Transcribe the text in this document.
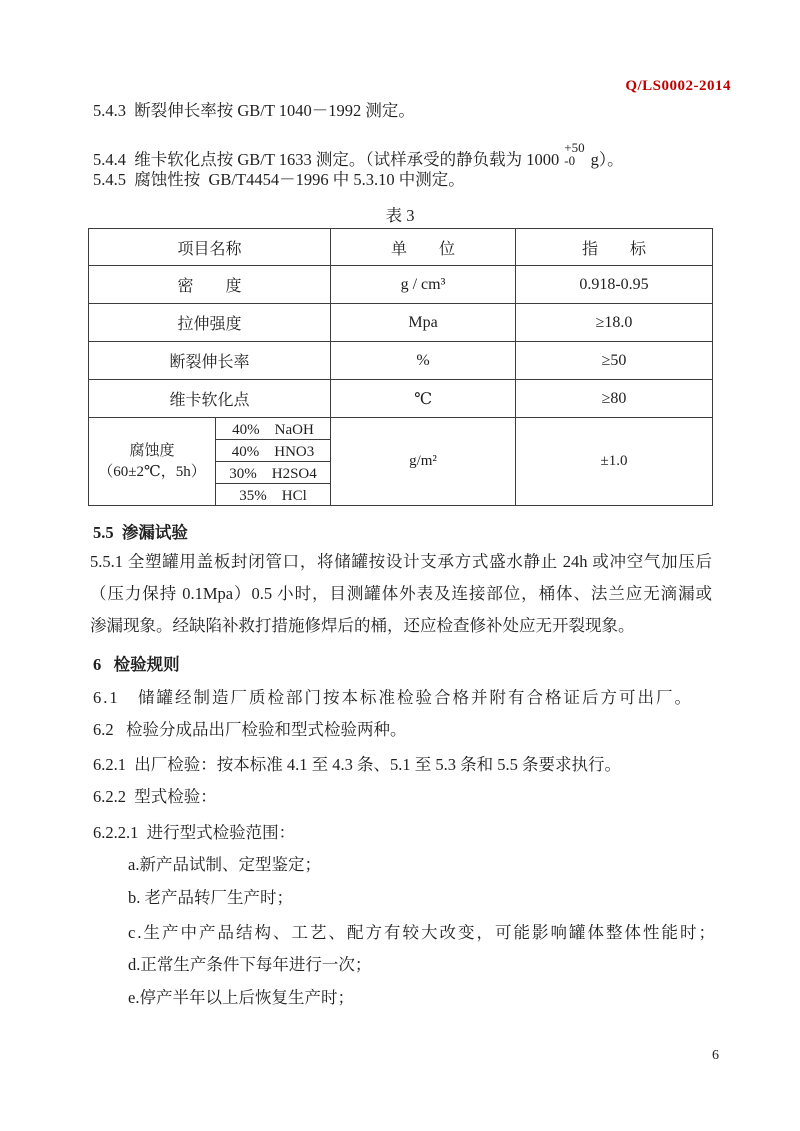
Q/LS0002-2014
5.4.3  断裂伸长率按 GB/T 1040－1992 测定。
5.4.4  维卡软化点按 GB/T 1633 测定。（试样承受的静负载为 1000
+50
-0 g）。
5.4.5  腐蚀性按  GB/T4454－1996 中 5.3.10 中测定。
表 3
项目名称		单　　位	指　　标
密　　度		g / cm³	0.918-0.95
拉伸强度		Mpa	≥18.0
断裂伸长率		%	≥50
维卡软化点		℃	≥80
腐蚀度
（60±2℃，5h）	40%　NaOH	g/m²	±1.0
	40%　HNO3		
	30%　H2SO4		
	35%　HCl		
5.5  渗漏试验
5.5.1 全塑罐用盖板封闭管口，将储罐按设计支承方式盛水静止 24h 或冲空气加压后
（压力保持 0.1Mpa）0.5 小时，目测罐体外表及连接部位，桶体、法兰应无滴漏或
渗漏现象。经缺陷补救打措施修焊后的桶，还应检查修补处应无开裂现象。
6   检验规则
6.1   储罐经制造厂质检部门按本标准检验合格并附有合格证后方可出厂。
6.2   检验分成品出厂检验和型式检验两种。
6.2.1  出厂检验：按本标准 4.1 至 4.3 条、5.1 至 5.3 条和 5.5 条要求执行。
6.2.2  型式检验：
6.2.2.1  进行型式检验范围：
a.新产品试制、定型鉴定；
b. 老产品转厂生产时；
c.生产中产品结构、工艺、配方有较大改变，可能影响罐体整体性能时；
d.正常生产条件下每年进行一次；
e.停产半年以上后恢复生产时；
6
